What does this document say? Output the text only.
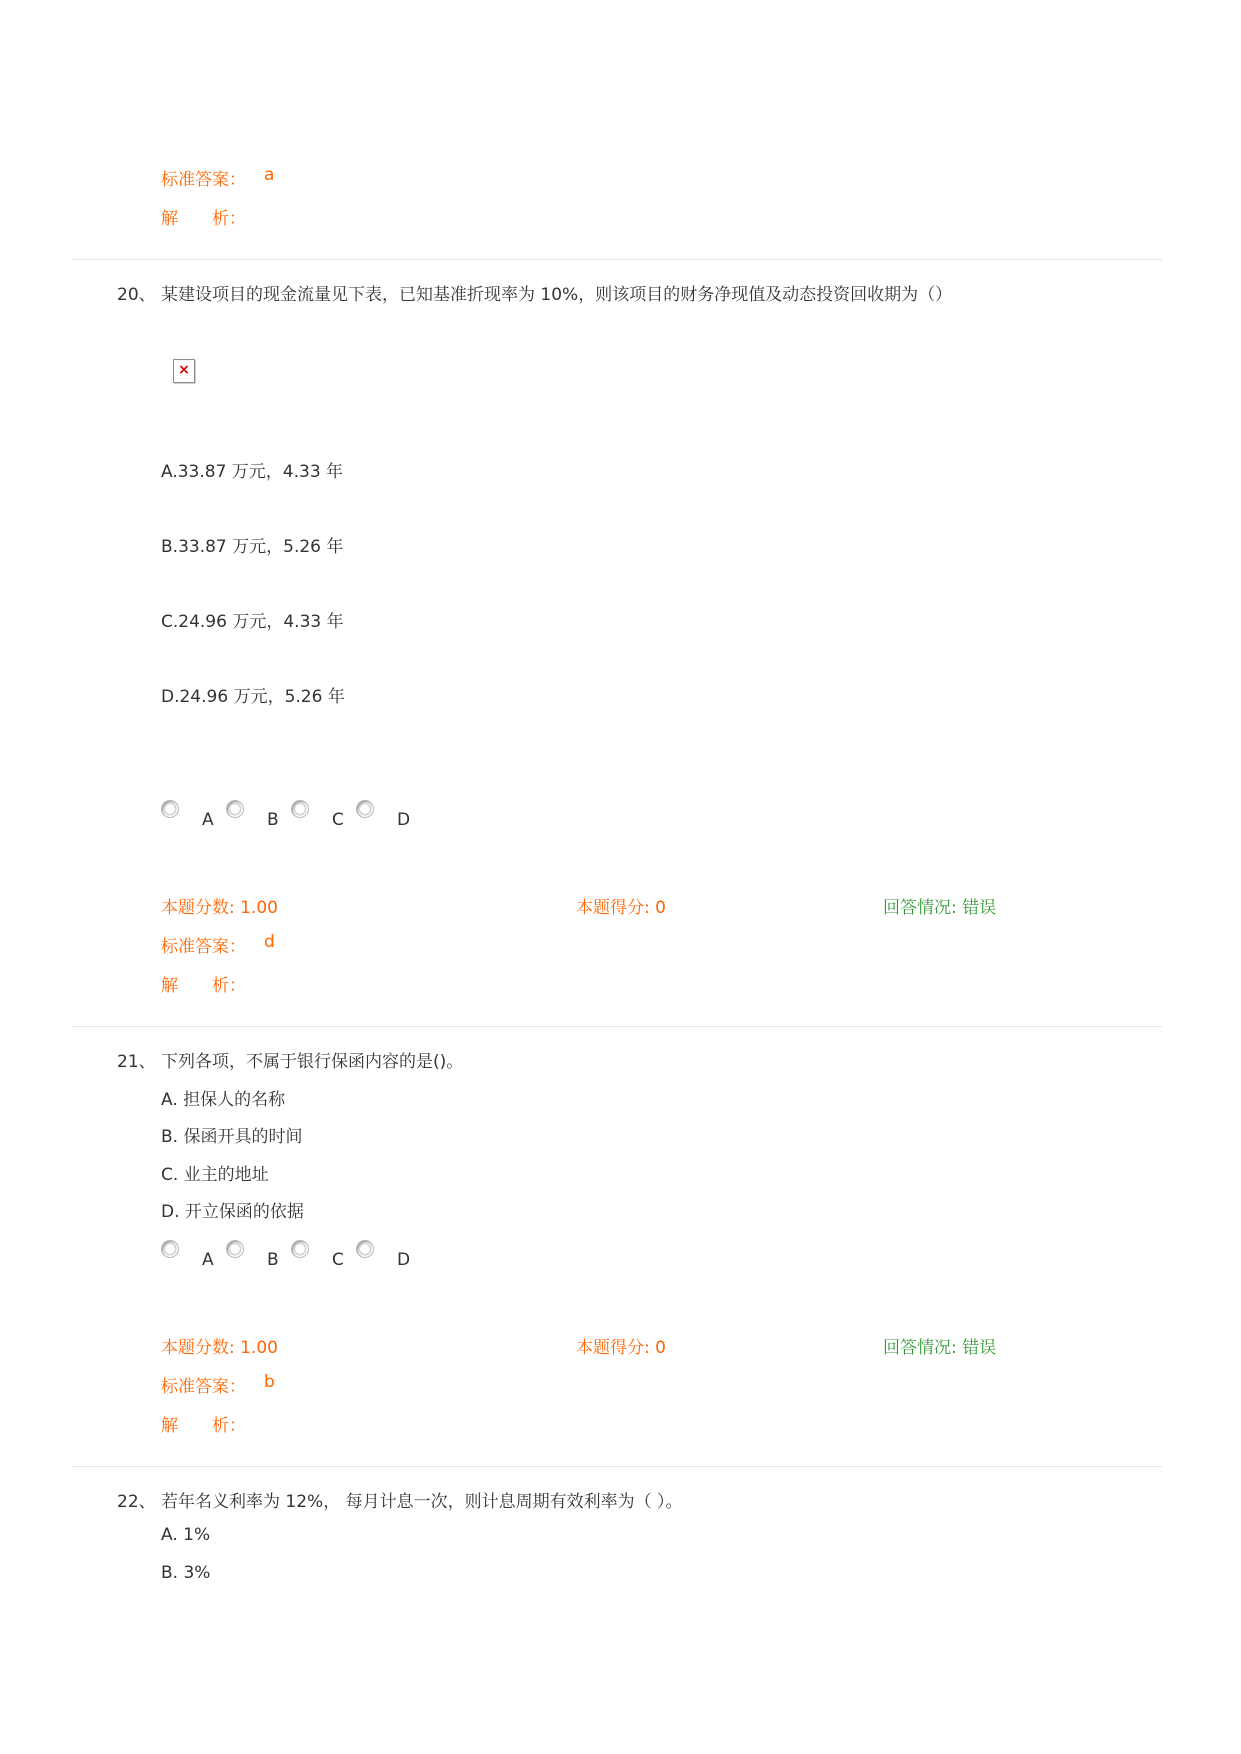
标准答案： a
解　　析：
20、 某建设项目的现金流量见下表，已知基准折现率为 10%，则该项目的财务净现值及动态投资回收期为（）
×
A.33.87 万元，4.33 年
B.33.87 万元，5.26 年
C.24.96 万元，4.33 年
D.24.96 万元，5.26 年
A	B	C	D
本题分数: 1.00	本题得分: 0	回答情况: 错误
标准答案： d
解　　析：
21、 下列各项，不属于银行保函内容的是()。
A. 担保人的名称
B. 保函开具的时间
C. 业主的地址
D. 开立保函的依据
A	B	C	D
本题分数: 1.00	本题得分: 0	回答情况: 错误
标准答案： b
解　　析：
22、 若年名义利率为 12%， 每月计息一次，则计息周期有效利率为（ ）。
A. 1%
B. 3%
